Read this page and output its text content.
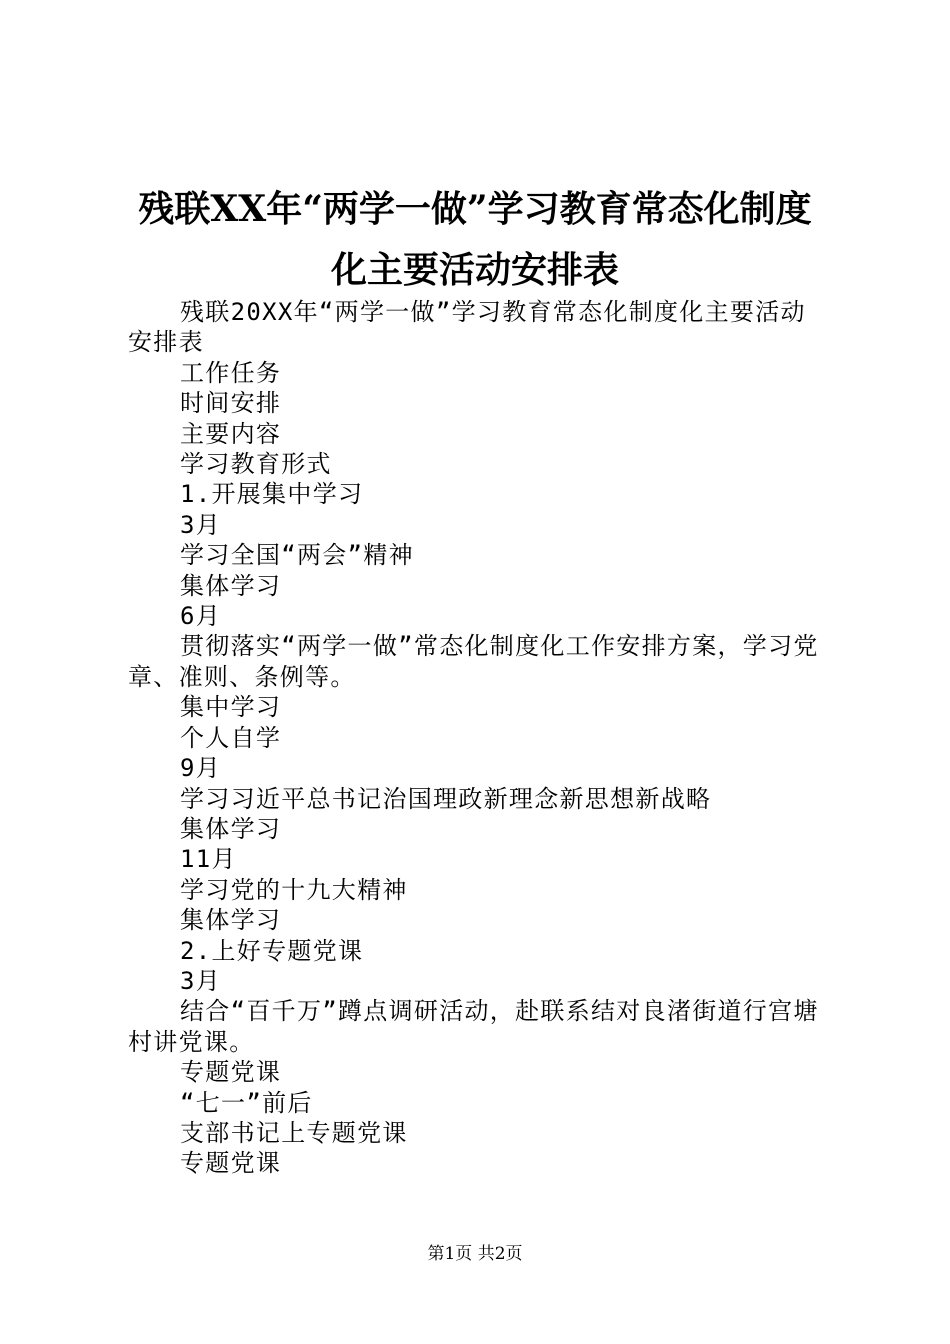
残联XX年“两学一做”学习教育常态化制度
化主要活动安排表

残联20XX年“两学一做”学习教育常态化制度化主要活动安排表

工作任务

时间安排

主要内容

学习教育形式

1.开展集中学习

3月

学习全国“两会”精神

集体学习

6月

贯彻落实“两学一做”常态化制度化工作安排方案，学习党章、准则、条例等。

集中学习

个人自学

9月

学习习近平总书记治国理政新理念新思想新战略

集体学习

11月

学习党的十九大精神

集体学习

2.上好专题党课

3月

结合“百千万”蹲点调研活动，赴联系结对良渚街道行宫塘村讲党课。

专题党课

“七一”前后

支部书记上专题党课

专题党课

第1页 共2页
